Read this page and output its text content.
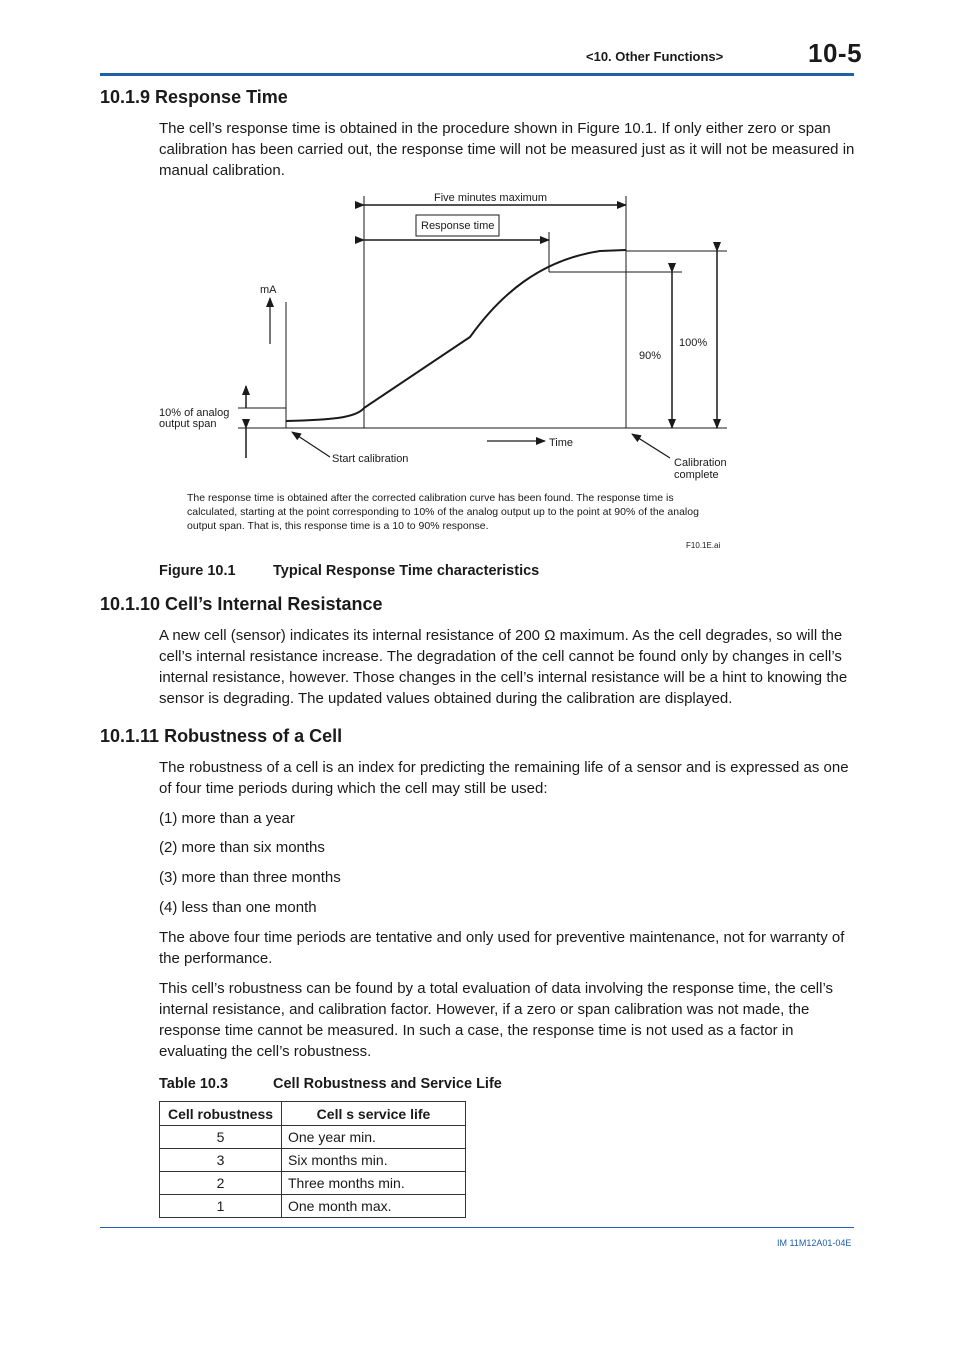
<10. Other Functions>	10-5
10.1.9 Response Time

The cell’s response time is obtained in the procedure shown in Figure 10.1. If only either zero or span calibration has been carried out, the response time will not be measured just as it will not be measured in manual calibration.

Five minutes maximum
Response time
mA
90%
100%
10% of analog
output span
Time
Start calibration	Calibration
complete
The response time is obtained after the corrected calibration curve has been found. The response time is calculated, starting at the point corresponding to 10% of the analog output up to the point at 90% of the analog output span. That is, this response time is a 10 to 90% response.
F10.1E.ai
Figure 10.1	Typical Response Time characteristics
10.1.10 Cell’s Internal Resistance

A new cell (sensor) indicates its internal resistance of 200 Ω maximum. As the cell degrades, so will the cell’s internal resistance increase. The degradation of the cell cannot be found only by changes in cell’s internal resistance, however. Those changes in the cell’s internal resistance will be a hint to knowing the sensor is degrading. The updated values obtained during the calibration are displayed.

10.1.11 Robustness of a Cell

The robustness of a cell is an index for predicting the remaining life of a sensor and is expressed as one of four time periods during which the cell may still be used:

(1) more than a year
(2) more than six months
(3) more than three months
(4) less than one month

The above four time periods are tentative and only used for preventive maintenance, not for warranty of the performance.

This cell’s robustness can be found by a total evaluation of data involving the response time, the cell’s internal resistance, and calibration factor. However, if a zero or span calibration was not made, the response time cannot be measured. In such a case, the response time is not used as a factor in evaluating the cell’s robustness.

Table 10.3	Cell Robustness and Service Life
Cell robustness	Cell s service life
5	One year min.
3	Six months min.
2	Three months min.
1	One month max.
IM 11M12A01-04E
